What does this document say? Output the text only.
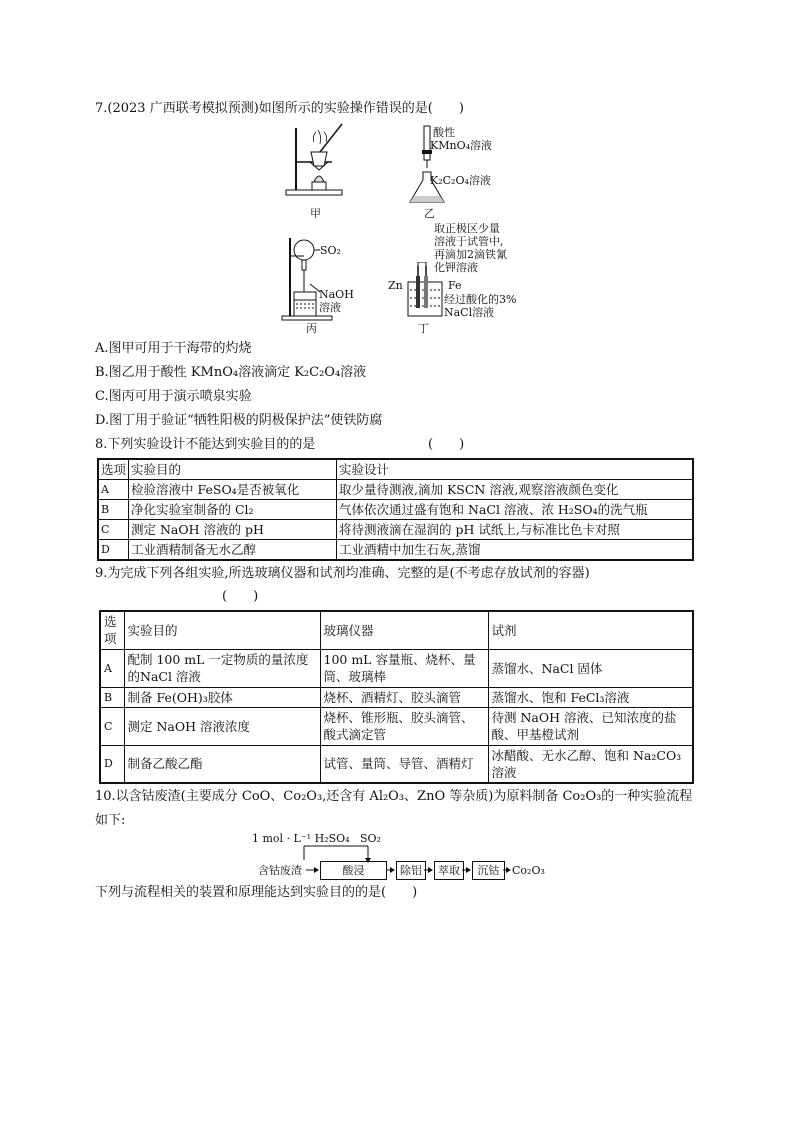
7.(2023 广西联考模拟预测)如图所示的实验操作错误的是(　　)
甲
酸性
KMnO₄溶液
K₂C₂O₄溶液
乙
SO₂
NaOH
溶液
丙
取正极区少量
溶液于试管中,
再滴加2滴铁氰
化钾溶液
Zn	Fe
经过酸化的3%
NaCl溶液
丁
A.图甲可用于干海带的灼烧
B.图乙用于酸性 KMnO₄溶液滴定 K₂C₂O₄溶液
C.图丙可用于演示喷泉实验
D.图丁用于验证“牺牲阳极的阴极保护法”使铁防腐
8.下列实验设计不能达到实验目的的是	(　　)
选项	实验目的	实验设计
A	检验溶液中 FeSO₄是否被氧化	取少量待测液,滴加 KSCN 溶液,观察溶液颜色变化
B	净化实验室制备的 Cl₂	气体依次通过盛有饱和 NaCl 溶液、浓 H₂SO₄的洗气瓶
C	测定 NaOH 溶液的 pH	将待测液滴在湿润的 pH 试纸上,与标准比色卡对照
D	工业酒精制备无水乙醇	工业酒精中加生石灰,蒸馏
9.为完成下列各组实验,所选玻璃仪器和试剂均准确、完整的是(不考虑存放试剂的容器)
(　　)
选项	实验目的	玻璃仪器	试剂
A	配制 100 mL 一定物质的量浓度的NaCl 溶液	100 mL 容量瓶、烧杯、量筒、玻璃棒	蒸馏水、NaCl 固体
B	制备 Fe(OH)₃胶体	烧杯、酒精灯、胶头滴管	蒸馏水、饱和 FeCl₃溶液
C	测定 NaOH 溶液浓度	烧杯、锥形瓶、胶头滴管、酸式滴定管	待测 NaOH 溶液、已知浓度的盐酸、甲基橙试剂
D	制备乙酸乙酯	试管、量筒、导管、酒精灯	冰醋酸、无水乙醇、饱和 Na₂CO₃溶液
10.以含钴废渣(主要成分 CoO、Co₂O₃,还含有 Al₂O₃、ZnO 等杂质)为原料制备 Co₂O₃的一种实验流程
如下:
1 mol · L⁻¹ H₂SO₄ SO₂
含钴废渣	酸浸	除铝	萃取	沉钴	Co₂O₃
下列与流程相关的装置和原理能达到实验目的的是(　　)
